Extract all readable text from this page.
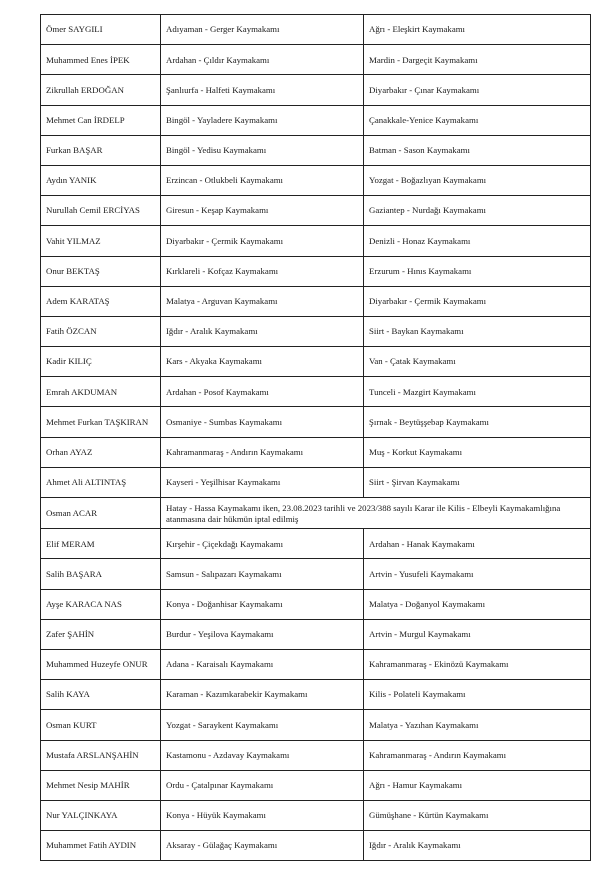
Ömer SAYGILI	Adıyaman - Gerger Kaymakamı	Ağrı - Eleşkirt Kaymakamı
Muhammed Enes İPEK	Ardahan - Çıldır Kaymakamı	Mardin - Dargeçit Kaymakamı
Zikrullah ERDOĞAN	Şanlıurfa - Halfeti Kaymakamı	Diyarbakır - Çınar Kaymakamı
Mehmet Can İRDELP	Bingöl - Yayladere Kaymakamı	Çanakkale-Yenice Kaymakamı
Furkan BAŞAR	Bingöl - Yedisu Kaymakamı	Batman - Sason Kaymakamı
Aydın YANIK	Erzincan - Otlukbeli Kaymakamı	Yozgat - Boğazlıyan Kaymakamı
Nurullah Cemil ERCİYAS	Giresun - Keşap Kaymakamı	Gaziantep - Nurdağı Kaymakamı
Vahit YILMAZ	Diyarbakır - Çermik Kaymakamı	Denizli - Honaz Kaymakamı
Onur BEKTAŞ	Kırklareli - Kofçaz Kaymakamı	Erzurum - Hınıs Kaymakamı
Adem KARATAŞ	Malatya - Arguvan Kaymakamı	Diyarbakır - Çermik Kaymakamı
Fatih ÖZCAN	Iğdır - Aralık Kaymakamı	Siirt - Baykan Kaymakamı
Kadir KILIÇ	Kars - Akyaka Kaymakamı	Van - Çatak Kaymakamı
Emrah AKDUMAN	Ardahan - Posof Kaymakamı	Tunceli - Mazgirt Kaymakamı
Mehmet Furkan TAŞKIRAN	Osmaniye - Sumbas Kaymakamı	Şırnak - Beytüşşebap Kaymakamı
Orhan AYAZ	Kahramanmaraş - Andırın Kaymakamı	Muş - Korkut Kaymakamı
Ahmet Ali ALTINTAŞ	Kayseri - Yeşilhisar Kaymakamı	Siirt - Şirvan Kaymakamı
Osman ACAR	Hatay - Hassa Kaymakamı iken, 23.08.2023 tarihli ve 2023/388 sayılı Karar ile Kilis - Elbeyli Kaymakamlığına atanmasına dair hükmün iptal edilmiş	
Elif MERAM	Kırşehir - Çiçekdağı Kaymakamı	Ardahan - Hanak Kaymakamı
Salih BAŞARA	Samsun - Salıpazarı Kaymakamı	Artvin - Yusufeli Kaymakamı
Ayşe KARACA NAS	Konya - Doğanhisar Kaymakamı	Malatya - Doğanyol Kaymakamı
Zafer ŞAHİN	Burdur - Yeşilova Kaymakamı	Artvin - Murgul Kaymakamı
Muhammed Huzeyfe ONUR	Adana - Karaisalı Kaymakamı	Kahramanmaraş - Ekinözü Kaymakamı
Salih KAYA	Karaman - Kazımkarabekir Kaymakamı	Kilis - Polateli Kaymakamı
Osman KURT	Yozgat - Saraykent Kaymakamı	Malatya - Yazıhan Kaymakamı
Mustafa ARSLANŞAHİN	Kastamonu - Azdavay Kaymakamı	Kahramanmaraş - Andırın Kaymakamı
Mehmet Nesip MAHİR	Ordu - Çatalpınar Kaymakamı	Ağrı - Hamur Kaymakamı
Nur YALÇINKAYA	Konya - Hüyük Kaymakamı	Gümüşhane - Kürtün Kaymakamı
Muhammet Fatih AYDIN	Aksaray - Gülağaç Kaymakamı	Iğdır - Aralık Kaymakamı
